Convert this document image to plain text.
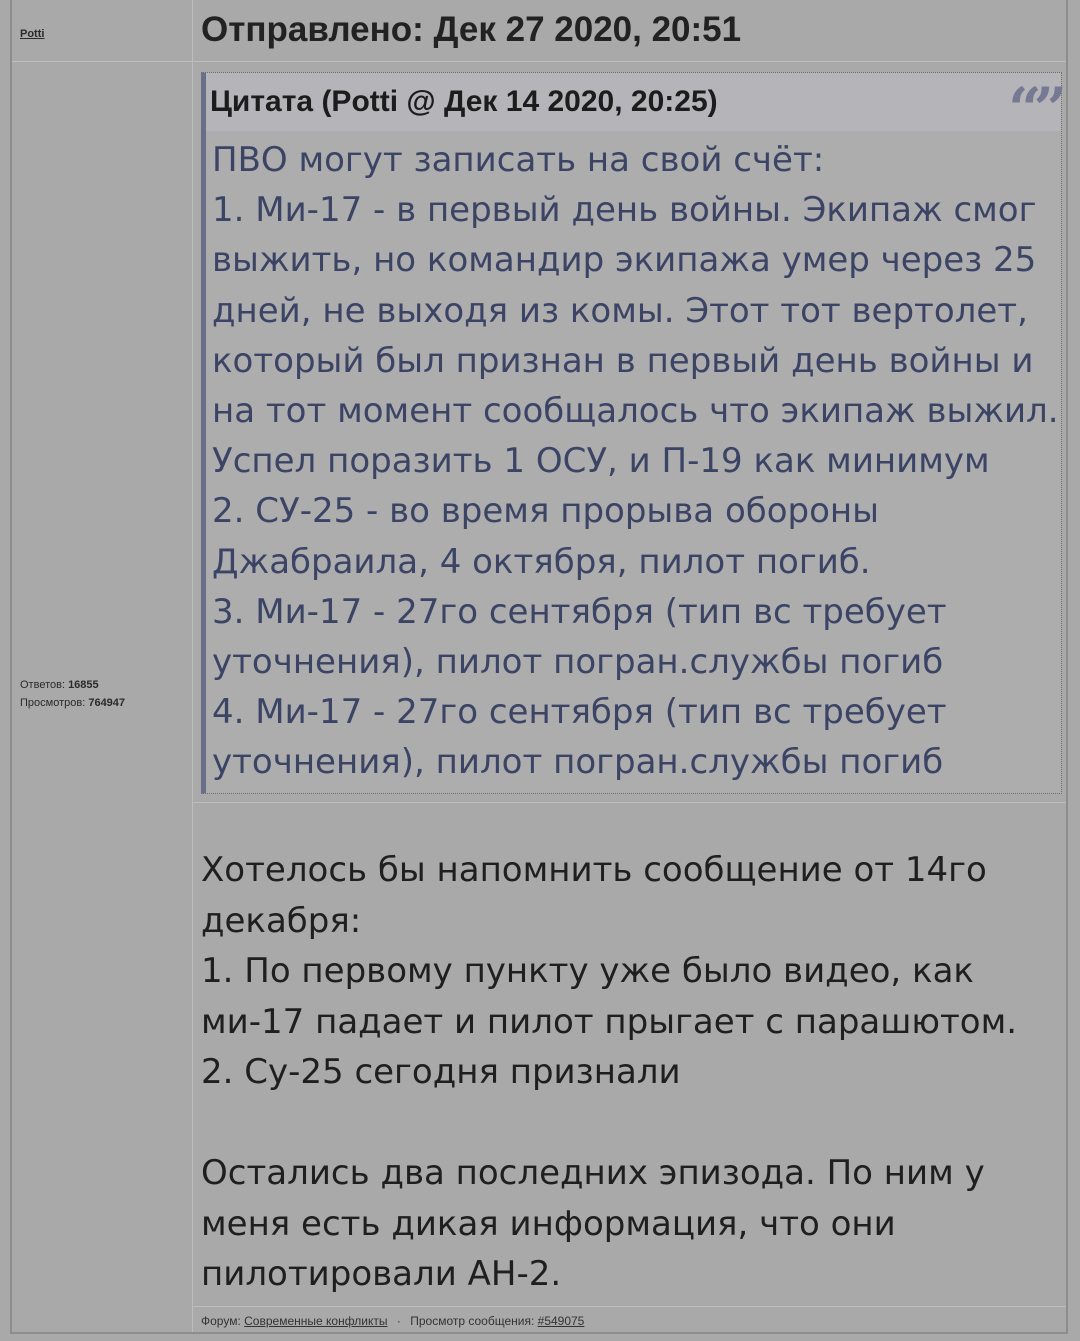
Potti
Ответов: 16855
Просмотров: 764947
Отправлено: Дек 27 2020, 20:51
Цитата (Potti @ Дек 14 2020, 20:25)	“”
ПВО могут записать на свой счёт:
1. Ми-17 - в первый день войны. Экипаж смог
выжить, но командир экипажа умер через 25
дней, не выходя из комы. Этот тот вертолет,
который был признан в первый день войны и
на тот момент сообщалось что экипаж выжил.
Успел поразить 1 ОСУ, и П-19 как минимум
2. СУ-25 - во время прорыва обороны
Джабраила, 4 октября, пилот погиб.
3. Ми-17 - 27го сентября (тип вс требует
уточнения), пилот погран.службы погиб
4. Ми-17 - 27го сентября (тип вс требует
уточнения), пилот погран.службы погиб
Хотелось бы напомнить сообщение от 14го
декабря:
1. По первому пункту уже было видео, как
ми-17 падает и пилот прыгает с парашютом.
2. Су-25 сегодня признали
Остались два последних эпизода. По ним у
меня есть дикая информация, что они
пилотировали АН-2.
Форум: Современные конфликты · Просмотр сообщения: #549075
